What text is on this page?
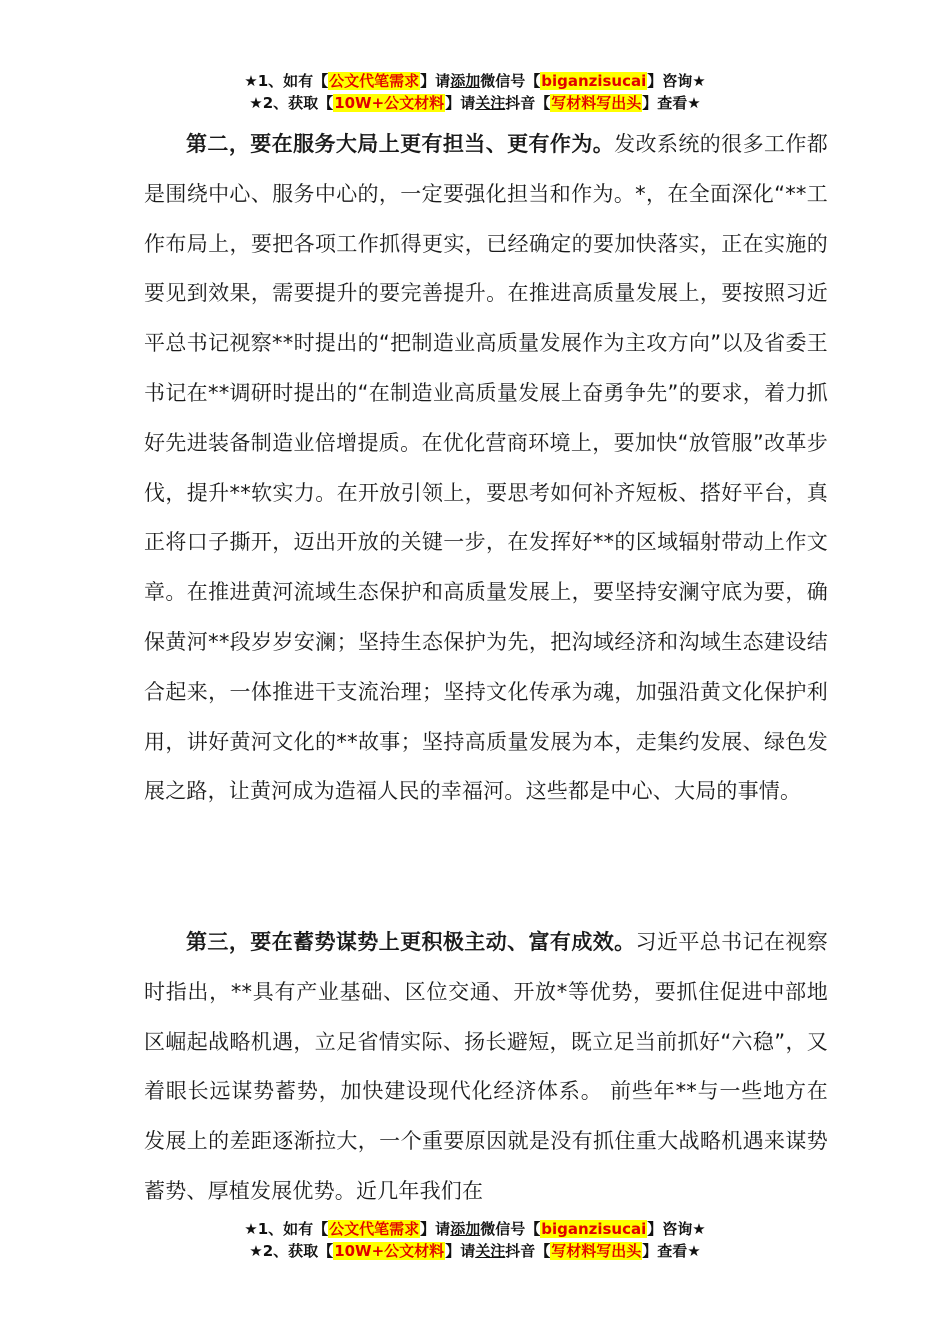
★1、如有【公文代笔需求】请添加微信号【biganzisucai】咨询★
★2、获取【10W+公文材料】请关注抖音【写材料写出头】查看★

第二，要在服务大局上更有担当、更有作为。发改系统的很多工作都是围绕中心、服务中心的，一定要强化担当和作为。*，在全面深化“**工作布局上，要把各项工作抓得更实，已经确定的要加快落实，正在实施的要见到效果，需要提升的要完善提升。在推进高质量发展上，要按照习近平总书记视察**时提出的“把制造业高质量发展作为主攻方向”以及省委王书记在**调研时提出的“在制造业高质量发展上奋勇争先”的要求，着力抓好先进装备制造业倍增提质。在优化营商环境上，要加快“放管服”改革步伐，提升**软实力。在开放引领上，要思考如何补齐短板、搭好平台，真正将口子撕开，迈出开放的关键一步，在发挥好**的区域辐射带动上作文章。在推进黄河流域生态保护和高质量发展上，要坚持安澜守底为要，确保黄河**段岁岁安澜；坚持生态保护为先，把沟域经济和沟域生态建设结合起来，一体推进干支流治理；坚持文化传承为魂，加强沿黄文化保护利用，讲好黄河文化的**故事；坚持高质量发展为本，走集约发展、绿色发展之路，让黄河成为造福人民的幸福河。这些都是中心、大局的事情。

第三，要在蓄势谋势上更积极主动、富有成效。习近平总书记在视察时指出，**具有产业基础、区位交通、开放*等优势，要抓住促进中部地区崛起战略机遇，立足省情实际、扬长避短，既立足当前抓好“六稳”，又着眼长远谋势蓄势，加快建设现代化经济体系。 前些年**与一些地方在发展上的差距逐渐拉大，一个重要原因就是没有抓住重大战略机遇来谋势蓄势、厚植发展优势。近几年我们在

★1、如有【公文代笔需求】请添加微信号【biganzisucai】咨询★
★2、获取【10W+公文材料】请关注抖音【写材料写出头】查看★
